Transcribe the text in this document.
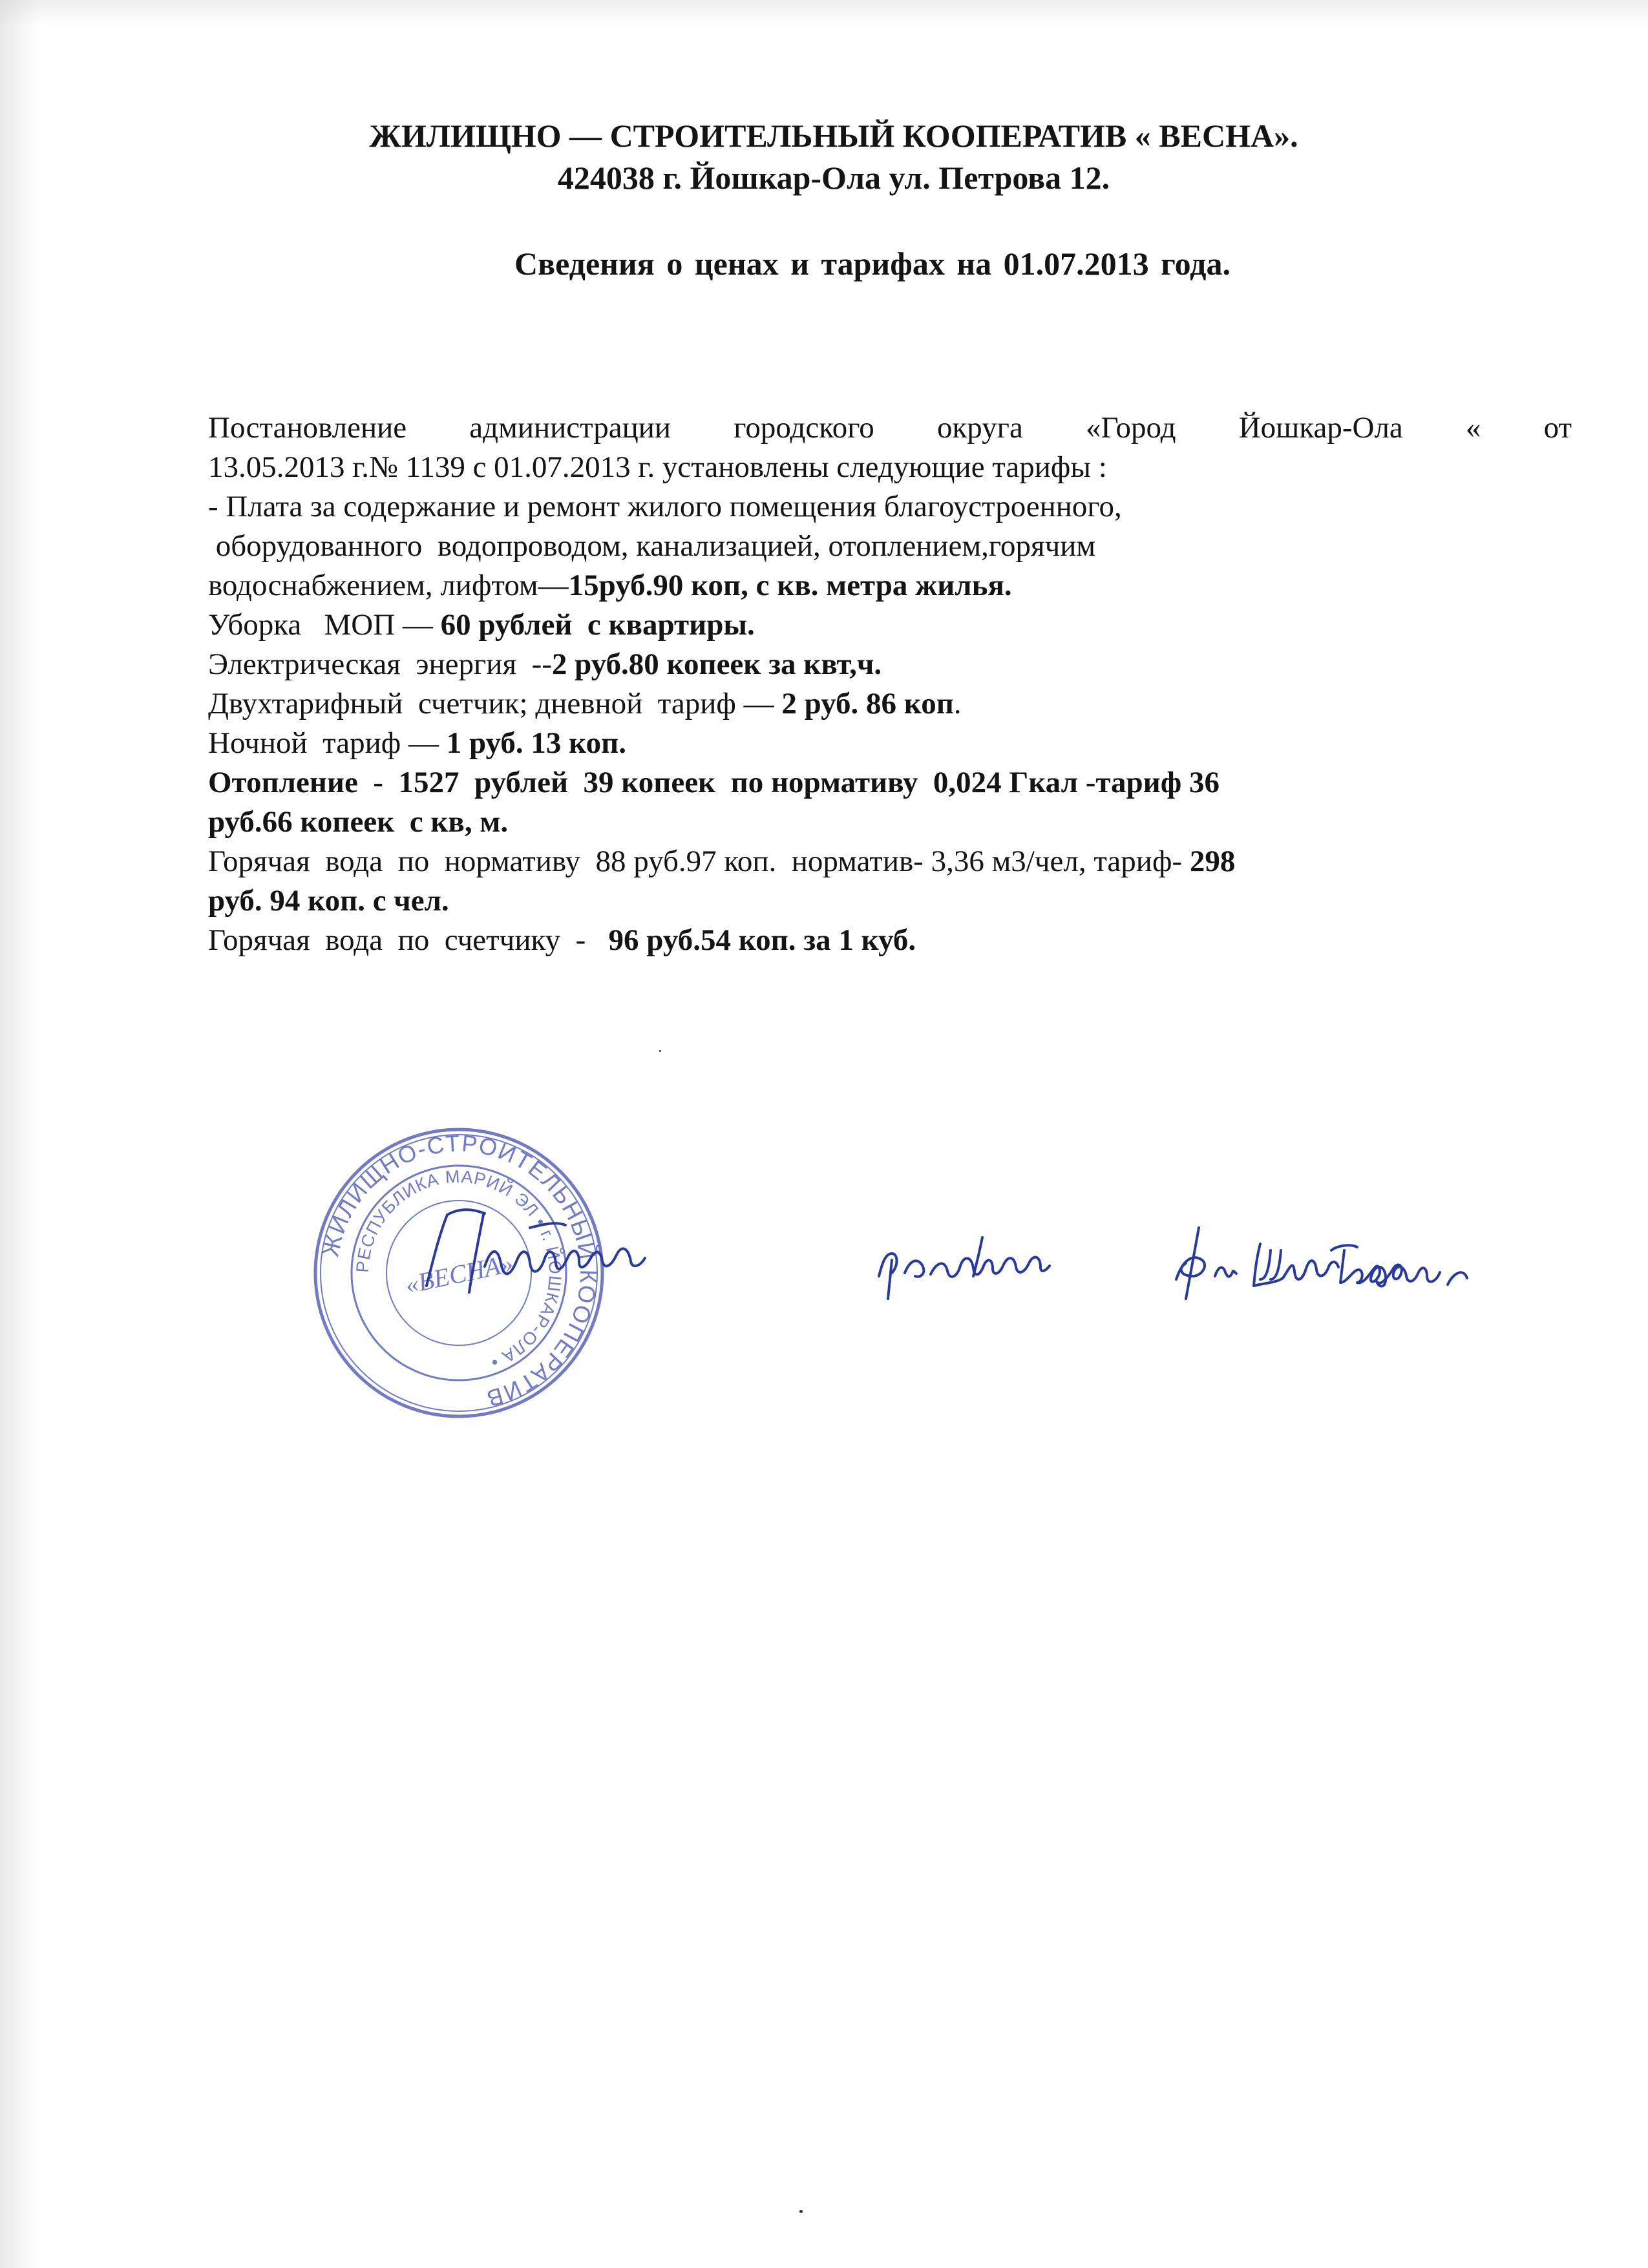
ЖИЛИЩНО — СТРОИТЕЛЬНЫЙ КООПЕРАТИВ « ВЕСНА».
424038 г. Йошкар-Ола ул. Петрова 12.
Сведения о ценах и тарифах на 01.07.2013 года.
Постановление администрации городского округа «Город Йошкар-Ола « от
13.05.2013 г.№ 1139 с 01.07.2013 г. установлены следующие тарифы :
- Плата за содержание и ремонт жилого помещения благоустроенного,
оборудованного  водопроводом, канализацией, отоплением,горячим
водоснабжением, лифтом—15руб.90 коп, с кв. метра жилья.
Уборка   МОП — 60 рублей  с квартиры.
Электрическая  энергия  --2 руб.80 копеек за квт,ч.
Двухтарифный  счетчик; дневной  тариф — 2 руб. 86 коп.
Ночной  тариф — 1 руб. 13 коп.
Отопление  -  1527  рублей  39 копеек  по нормативу  0,024 Гкал -тариф 36
руб.66 копеек  с кв, м.
Горячая  вода  по  нормативу  88 руб.97 коп.  норматив- 3,36 м3/чел, тариф- 298
руб. 94 коп. с чел.
Горячая  вода  по  счетчику  -   96 руб.54 коп. за 1 куб.
ЖИЛИЩНО-СТРОИТЕЛЬНЫЙ КООПЕРАТИВ
РЕСПУБЛИКА МАРИЙ ЭЛ • г. ЙОШКАР-ОЛА •
«ВЕСНА»
